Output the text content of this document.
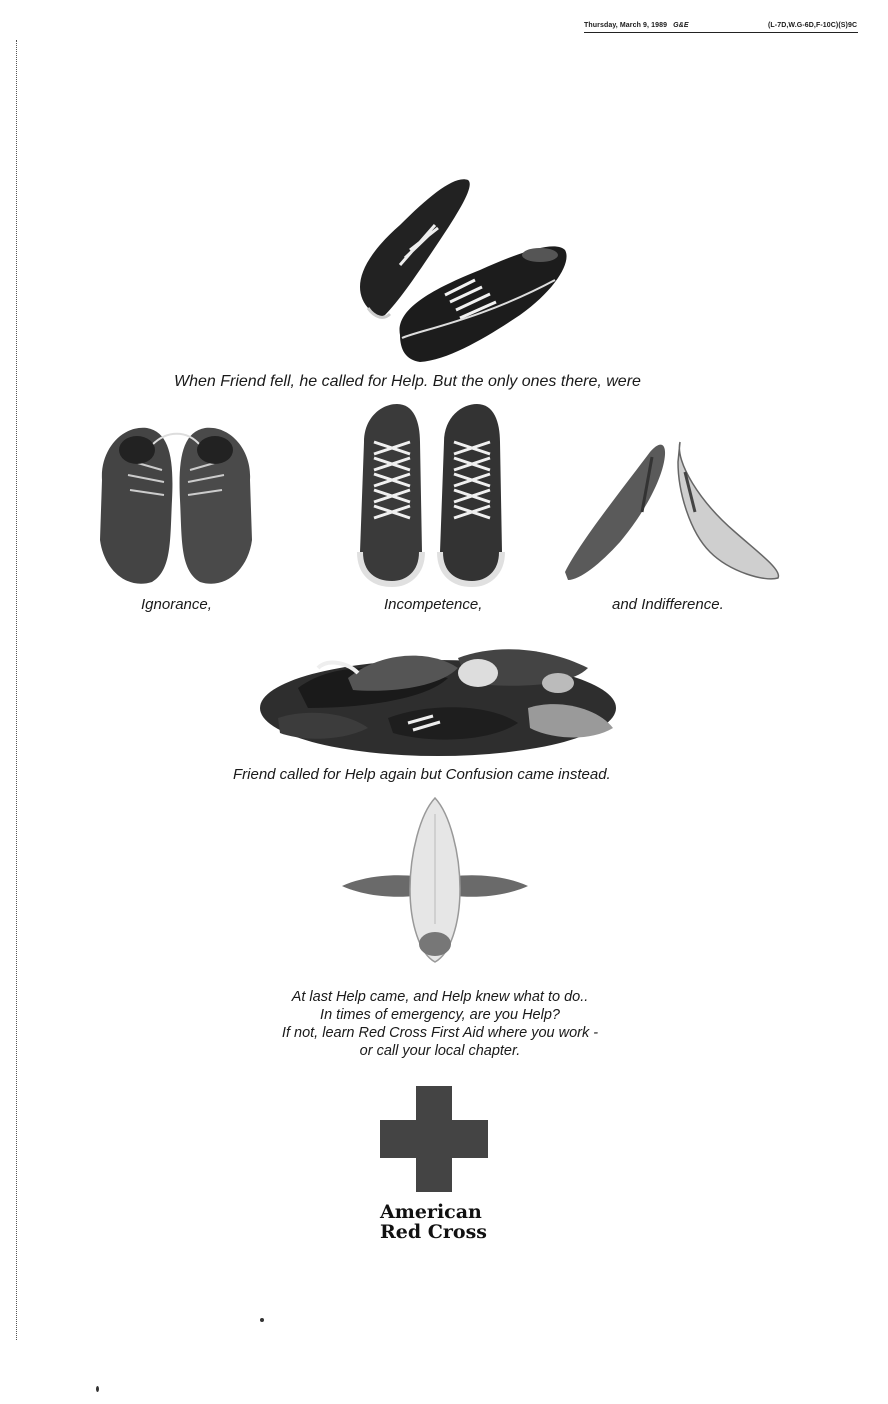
Thursday, March 9, 1989 G&E	(L-7D,W.G-6D,F-10C)(S)9C
When Friend fell, he called for Help. But the only ones there, were
Ignorance,	Incompetence,	and Indifference.
Friend called for Help again but Confusion came instead.
At last Help came, and Help knew what to do..
In times of emergency, are you Help?
If not, learn Red Cross First Aid where you work -
or call your local chapter.
American
Red Cross
